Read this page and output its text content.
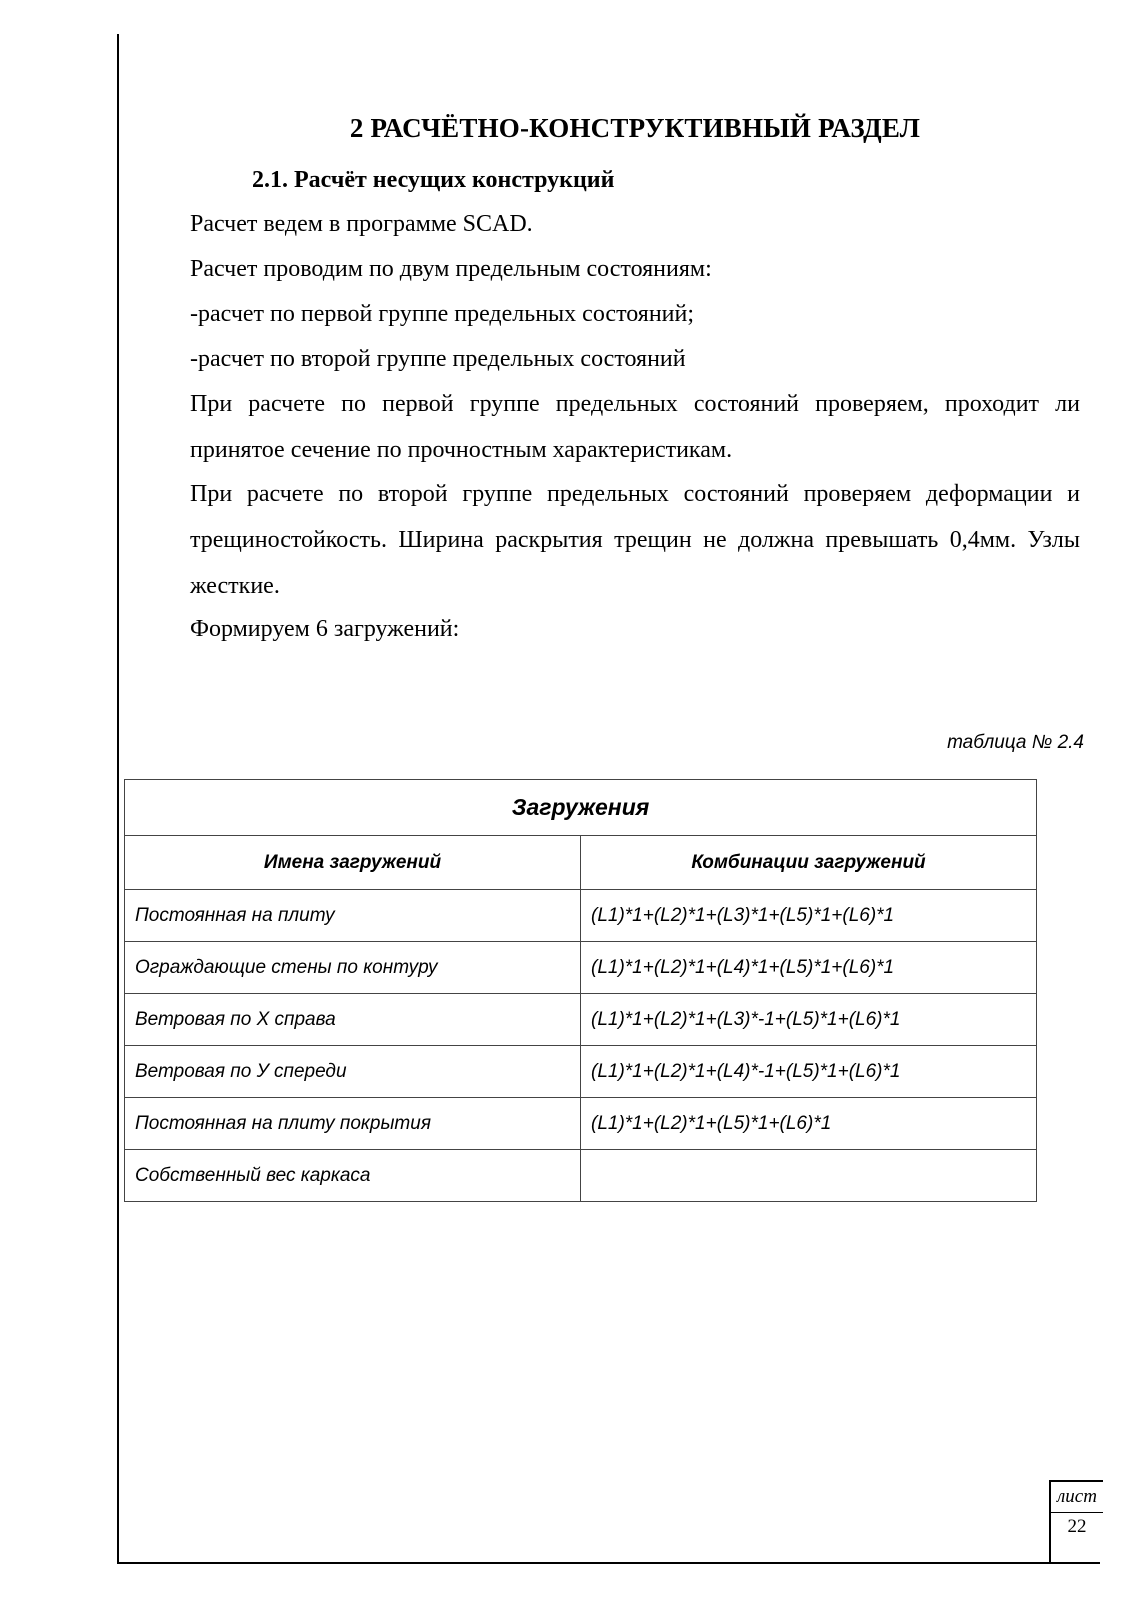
2 РАСЧЁТНО-КОНСТРУКТИВНЫЙ РАЗДЕЛ
2.1. Расчёт несущих конструкций
Расчет ведем в программе SCAD.
Расчет проводим по двум предельным состояниям:
-расчет по первой группе предельных состояний;
-расчет по второй группе предельных состояний
При расчете по первой группе предельных состояний проверяем, проходит ли принятое сечение по прочностным характеристикам.
При расчете по второй группе предельных состояний проверяем деформации и трещиностойкость. Ширина раскрытия трещин не должна превышать 0,4мм. Узлы жесткие.
Формируем 6 загружений:
таблица № 2.4
Загружения	
Имена загружений	Комбинации загружений
Постоянная на плиту	(L1)*1+(L2)*1+(L3)*1+(L5)*1+(L6)*1
Ограждающие стены по контуру	(L1)*1+(L2)*1+(L4)*1+(L5)*1+(L6)*1
Ветровая по Х справа	(L1)*1+(L2)*1+(L3)*-1+(L5)*1+(L6)*1
Ветровая по У спереди	(L1)*1+(L2)*1+(L4)*-1+(L5)*1+(L6)*1
Постоянная на плиту покрытия	(L1)*1+(L2)*1+(L5)*1+(L6)*1
Собственный вес каркаса	
лист
22
